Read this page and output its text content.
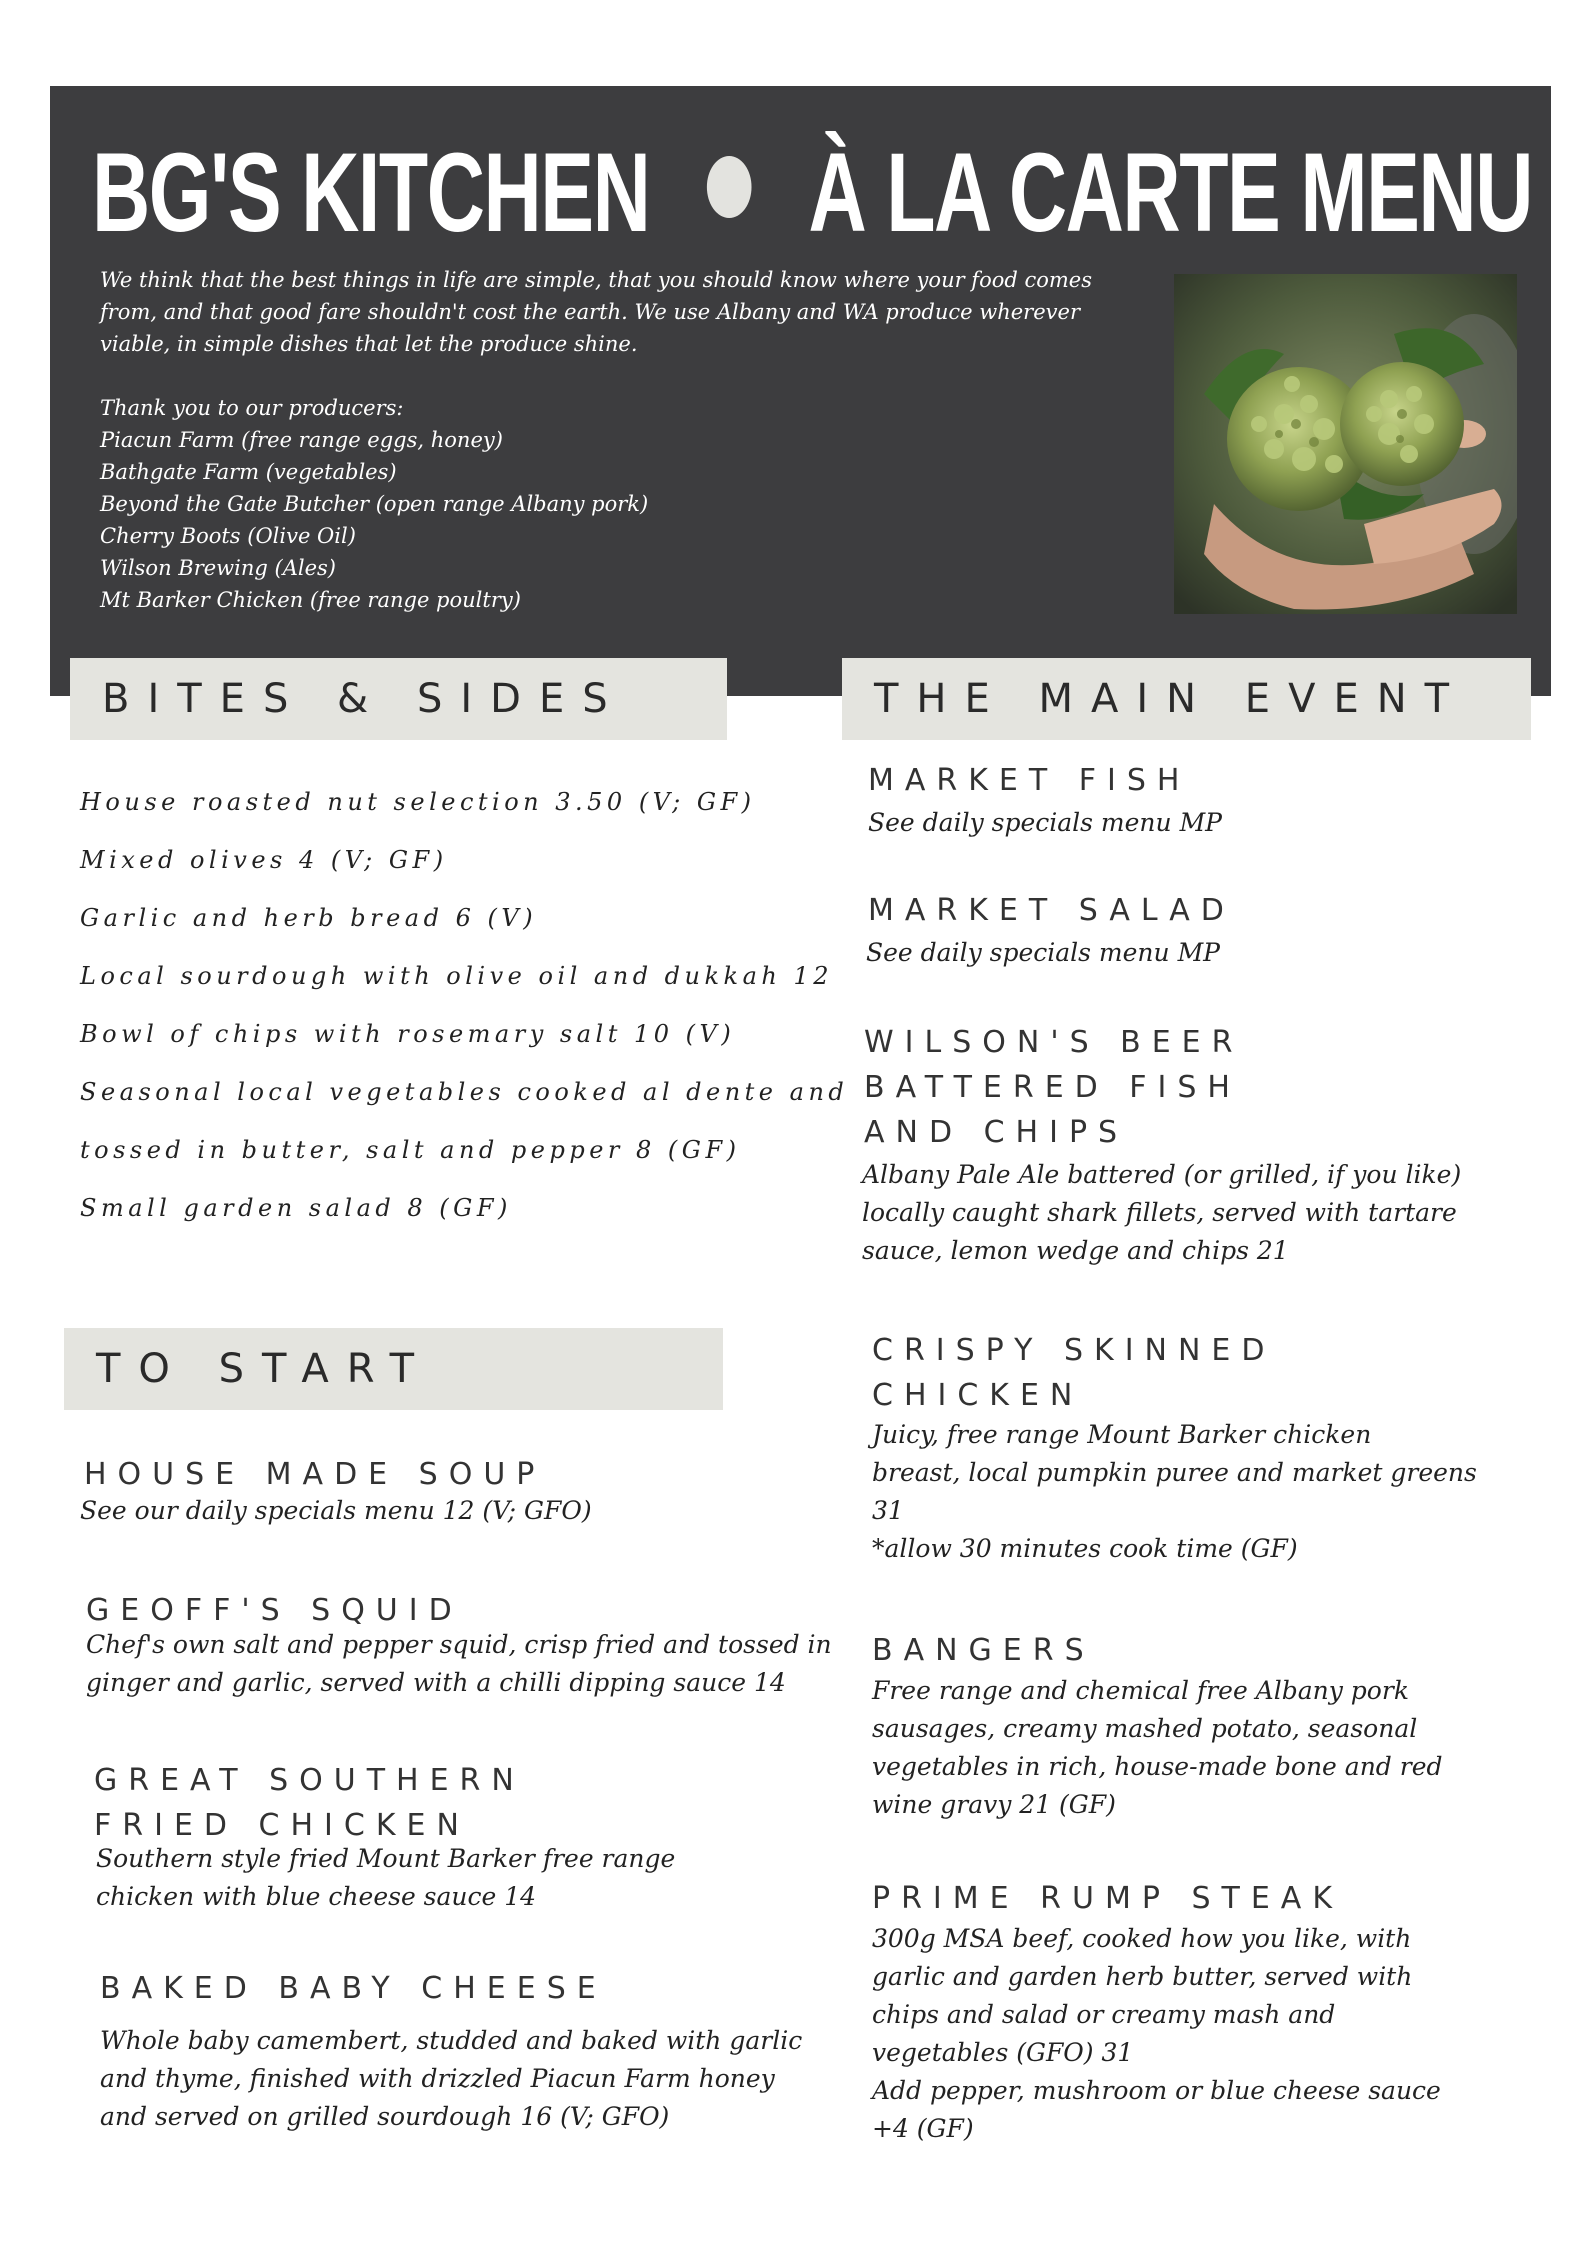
BG'S KITCHEN À LA CARTE MENU

We think that the best things in life are simple, that you should know where your food comes

from, and that good fare shouldn't cost the earth. We use Albany and WA produce wherever

viable, in simple dishes that let the produce shine.

Thank you to our producers:

Piacun Farm (free range eggs, honey)

Bathgate Farm (vegetables)

Beyond the Gate Butcher (open range Albany pork)

Cherry Boots (Olive Oil)

Wilson Brewing (Ales)

Mt Barker Chicken (free range poultry)

BITES & SIDES
House roasted nut selection 3.50 (V; GF)
Mixed olives 4 (V; GF)
Garlic and herb bread 6 (V)
Local sourdough with olive oil and dukkah 12
Bowl of chips with rosemary salt 10 (V)
Seasonal local vegetables cooked al dente and
tossed in butter, salt and pepper 8 (GF)
Small garden salad 8 (GF)
TO START
HOUSE MADE SOUP

See our daily specials menu 12 (V; GFO)

GEOFF'S SQUID

Chef's own salt and pepper squid, crisp fried and tossed in

ginger and garlic, served with a chilli dipping sauce 14

GREAT SOUTHERN
FRIED CHICKEN

Southern style fried Mount Barker free range

chicken with blue cheese sauce 14

BAKED BABY CHEESE

Whole baby camembert, studded and baked with garlic

and thyme, finished with drizzled Piacun Farm honey

and served on grilled sourdough 16 (V; GFO)

THE MAIN EVENT
MARKET FISH

See daily specials menu MP

MARKET SALAD

See daily specials menu MP

WILSON'S BEER
BATTERED FISH
AND CHIPS

Albany Pale Ale battered (or grilled, if you like)

locally caught shark fillets, served with tartare

sauce, lemon wedge and chips 21

CRISPY SKINNED
CHICKEN

Juicy, free range Mount Barker chicken

breast, local pumpkin puree and market greens

31

*allow 30 minutes cook time (GF)

BANGERS

Free range and chemical free Albany pork

sausages, creamy mashed potato, seasonal

vegetables in rich, house-made bone and red

wine gravy 21 (GF)

PRIME RUMP STEAK

300g MSA beef, cooked how you like, with

garlic and garden herb butter, served with

chips and salad or creamy mash and

vegetables (GFO) 31

Add pepper, mushroom or blue cheese sauce

+4 (GF)
